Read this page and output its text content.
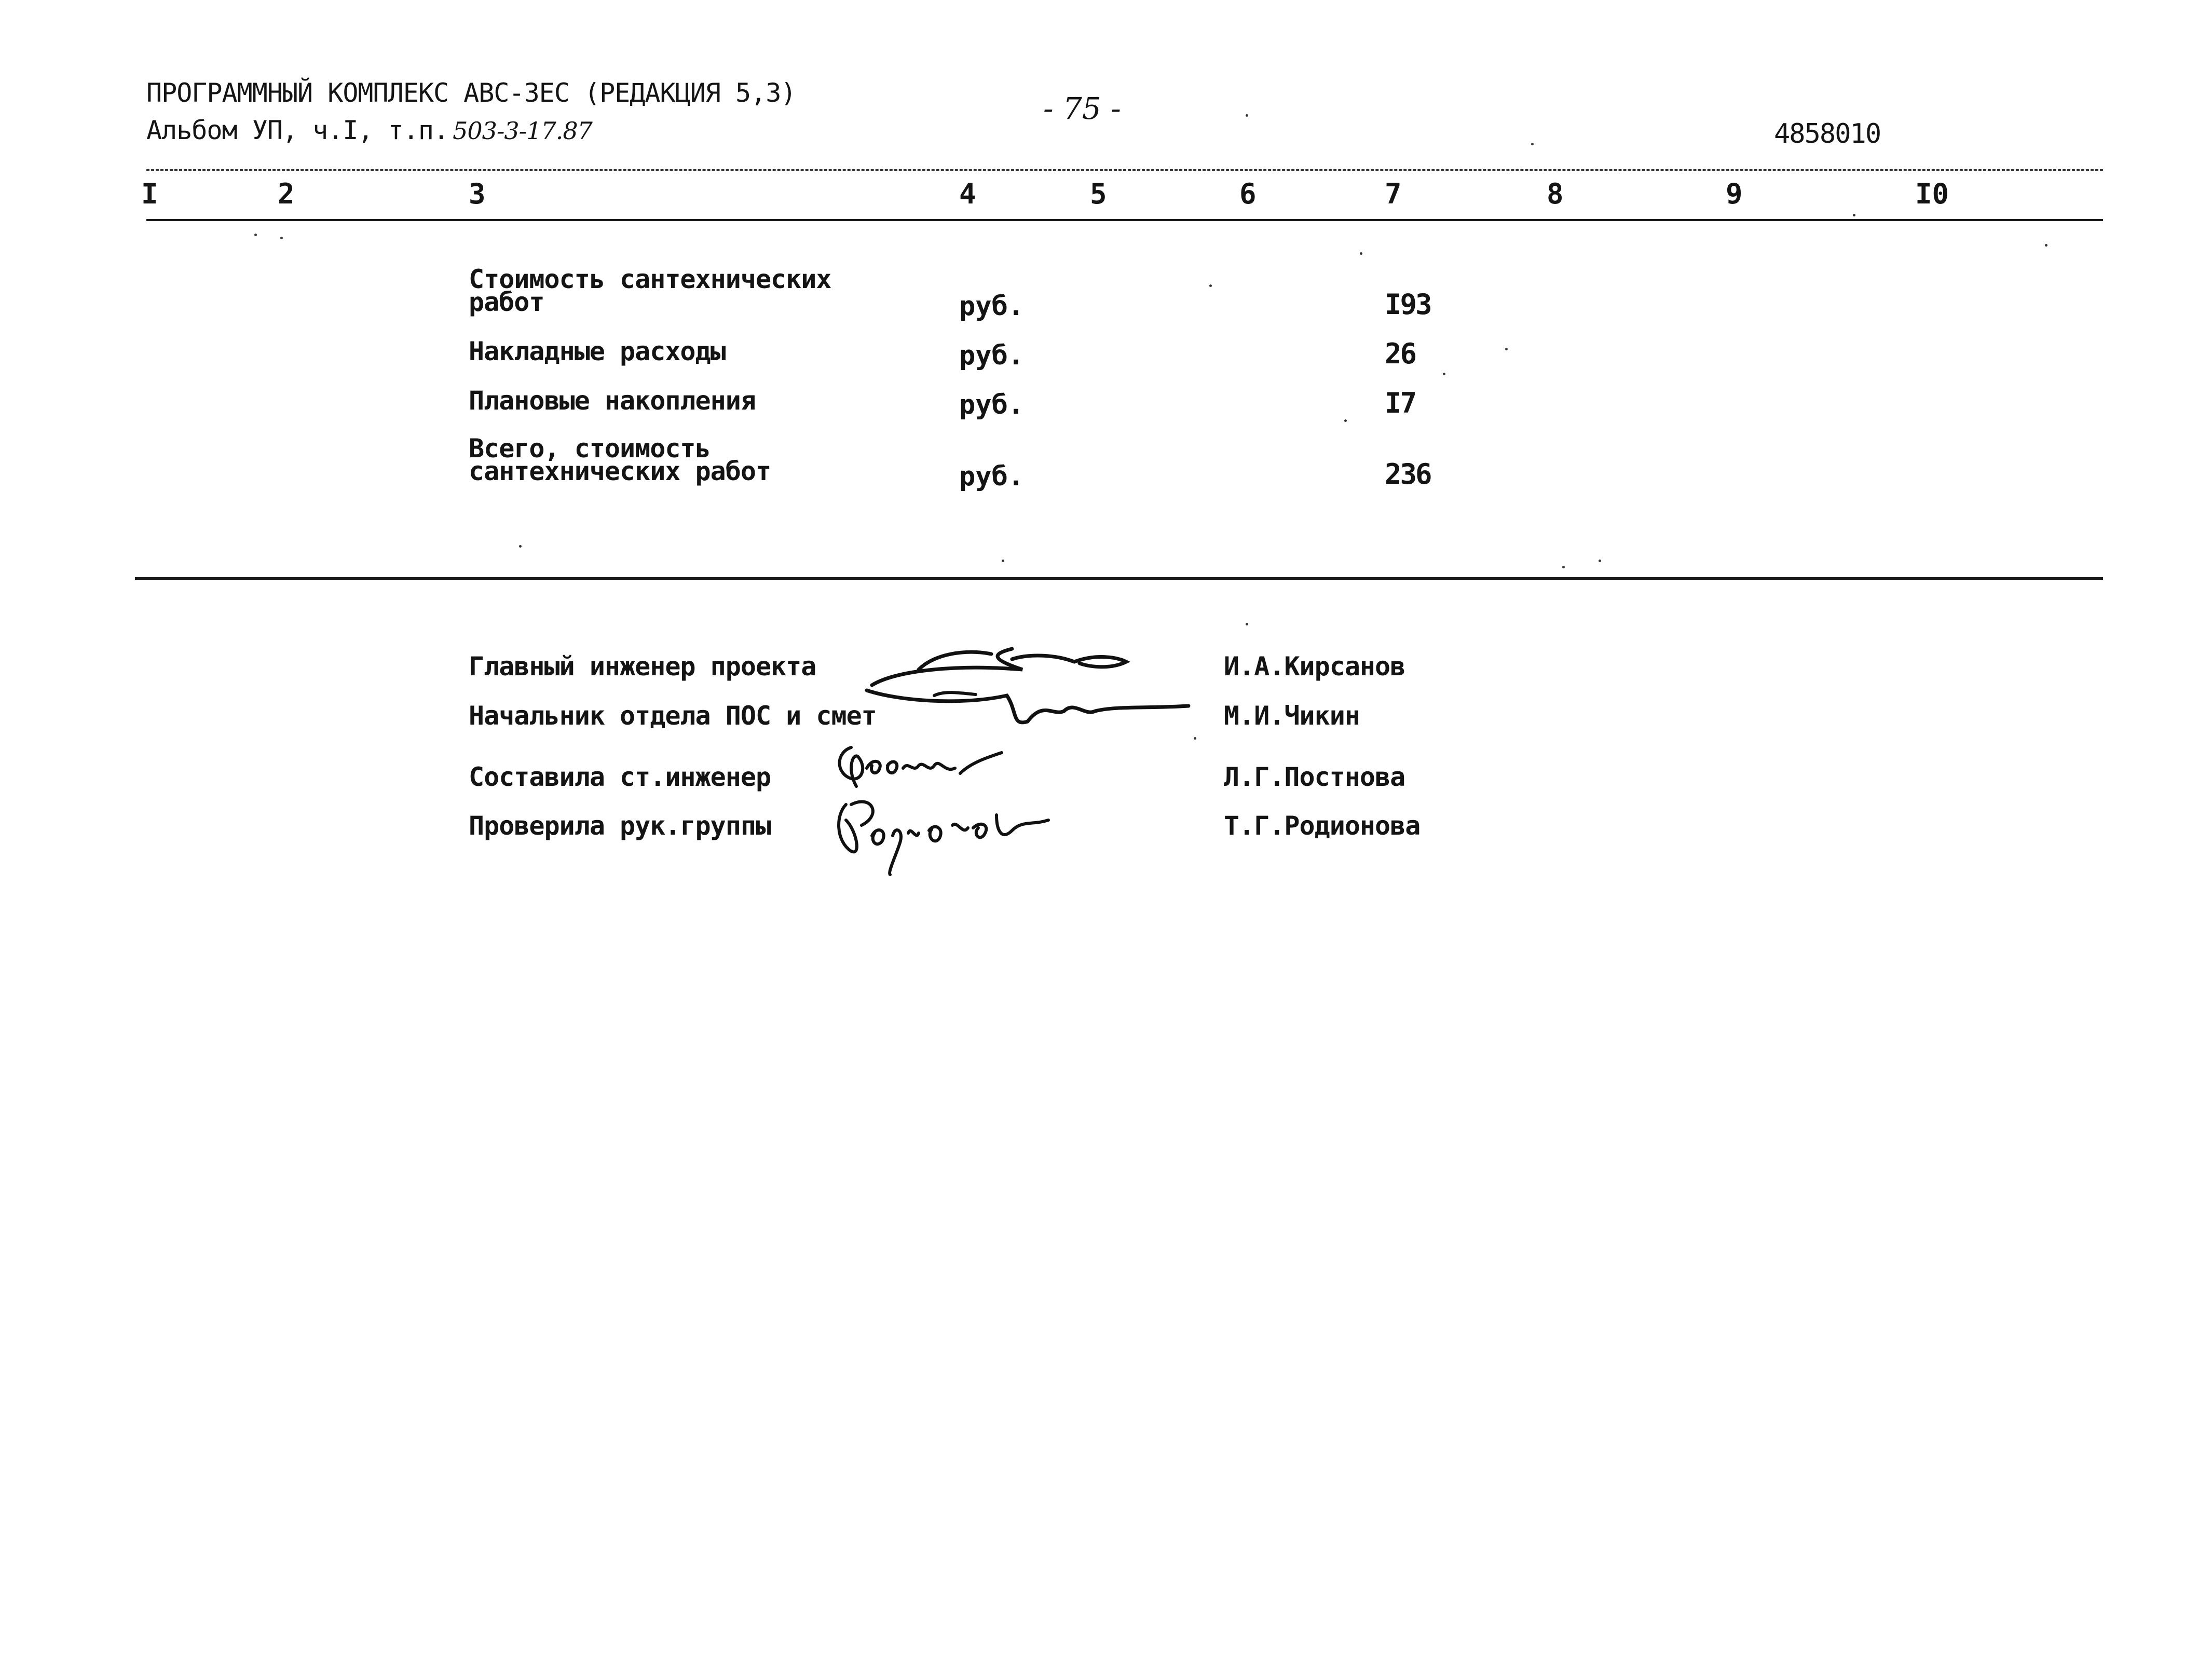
ПРОГРАММНЫЙ КОМПЛЕКС АВС-ЗЕС (РЕДАКЦИЯ 5,3)
Альбом УП, ч.I, т.п. 503-3-17.87
- 75 -
4858010
I	2	3	4	5	6	7	8	9	I0
Стоимость сантехнических
работ	руб.	I93
Накладные расходы	руб.	26
Плановые накопления	руб.	I7
Всего, стоимость
сантехнических работ	руб.	236
Главный инженер проекта	И.А.Кирсанов
Начальник отдела ПОС и смет	М.И.Чикин
Составила ст.инженер	Л.Г.Постнова
Проверила рук.группы	Т.Г.Родионова
